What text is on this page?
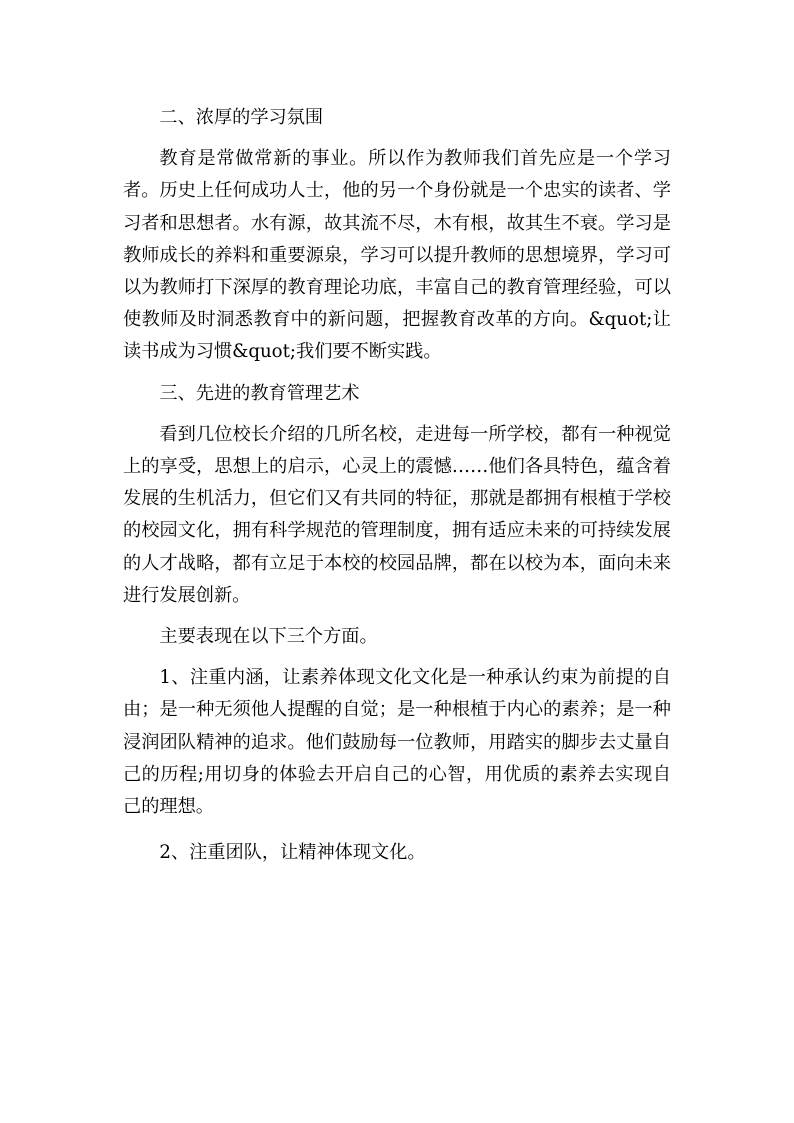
二、浓厚的学习氛围

教育是常做常新的事业。所以作为教师我们首先应是一个学习者。历史上任何成功人士，他的另一个身份就是一个忠实的读者、学习者和思想者。水有源，故其流不尽，木有根，故其生不衰。学习是教师成长的养料和重要源泉，学习可以提升教师的思想境界，学习可以为教师打下深厚的教育理论功底，丰富自己的教育管理经验，可以使教师及时洞悉教育中的新问题，把握教育改革的方向。&quot;让读书成为习惯&quot;我们要不断实践。

三、先进的教育管理艺术

看到几位校长介绍的几所名校，走进每一所学校，都有一种视觉上的享受，思想上的启示，心灵上的震憾……他们各具特色，蕴含着发展的生机活力，但它们又有共同的特征，那就是都拥有根植于学校的校园文化，拥有科学规范的管理制度，拥有适应未来的可持续发展的人才战略，都有立足于本校的校园品牌，都在以校为本，面向未来进行发展创新。

主要表现在以下三个方面。

1、注重内涵，让素养体现文化文化是一种承认约束为前提的自由；是一种无须他人提醒的自觉；是一种根植于内心的素养；是一种浸润团队精神的追求。他们鼓励每一位教师，用踏实的脚步去丈量自己的历程;用切身的体验去开启自己的心智，用优质的素养去实现自己的理想。

2、注重团队，让精神体现文化。
